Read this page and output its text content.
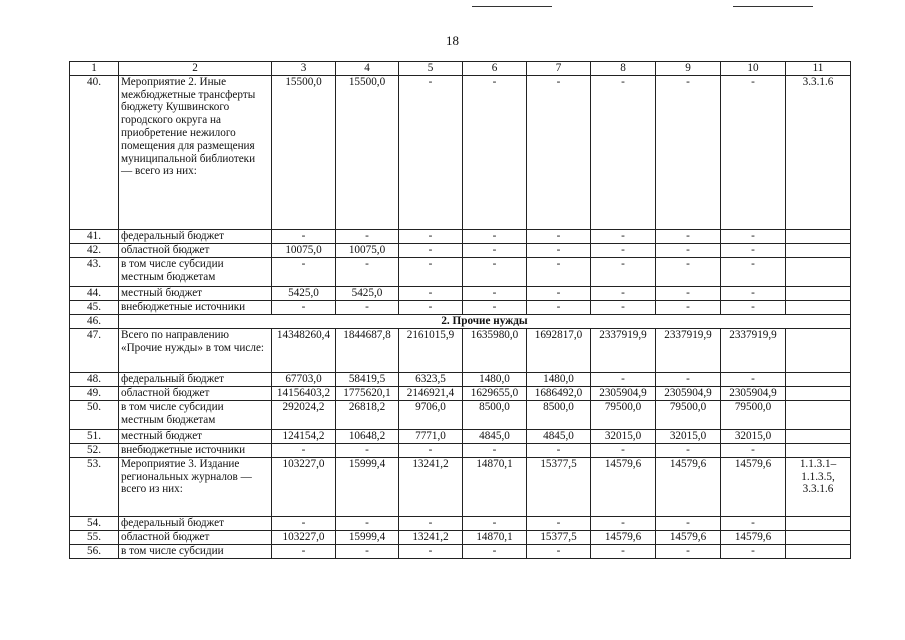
18
1	2	3	4	5	6	7	8	9	10	11
40.	Мероприятие 2. Иные межбюджетные трансферты бюджету Кушвинского городского округа на приобретение нежилого помещения для размещения муниципальной библиотеки — всего из них:	15500,0	15500,0	-	-	-	-	-	-	3.3.1.6
41.	федеральный бюджет	-	-	-	-	-	-	-	-	
42.	областной бюджет	10075,0	10075,0	-	-	-	-	-	-	
43.	в том числе субсидии местным бюджетам	-	-	-	-	-	-	-	-	
44.	местный бюджет	5425,0	5425,0	-	-	-	-	-	-	
45.	внебюджетные источники	-	-	-	-	-	-	-	-	
46.	2. Прочие нужды									
47.	Всего по направлению «Прочие нужды» в том числе:	14348260,4	1844687,8	2161015,9	1635980,0	1692817,0	2337919,9	2337919,9	2337919,9	
48.	федеральный бюджет	67703,0	58419,5	6323,5	1480,0	1480,0	-	-	-	
49.	областной бюджет	14156403,2	1775620,1	2146921,4	1629655,0	1686492,0	2305904,9	2305904,9	2305904,9	
50.	в том числе субсидии местным бюджетам	292024,2	26818,2	9706,0	8500,0	8500,0	79500,0	79500,0	79500,0	
51.	местный бюджет	124154,2	10648,2	7771,0	4845,0	4845,0	32015,0	32015,0	32015,0	
52.	внебюджетные источники	-	-	-	-	-	-	-	-	
53.	Мероприятие 3. Издание региональных журналов — всего из них:	103227,0	15999,4	13241,2	14870,1	15377,5	14579,6	14579,6	14579,6	1.1.3.1–1.1.3.5, 3.3.1.6
54.	федеральный бюджет	-	-	-	-	-	-	-	-	
55.	областной бюджет	103227,0	15999,4	13241,2	14870,1	15377,5	14579,6	14579,6	14579,6	
56.	в том числе субсидии	-	-	-	-	-	-	-	-	
